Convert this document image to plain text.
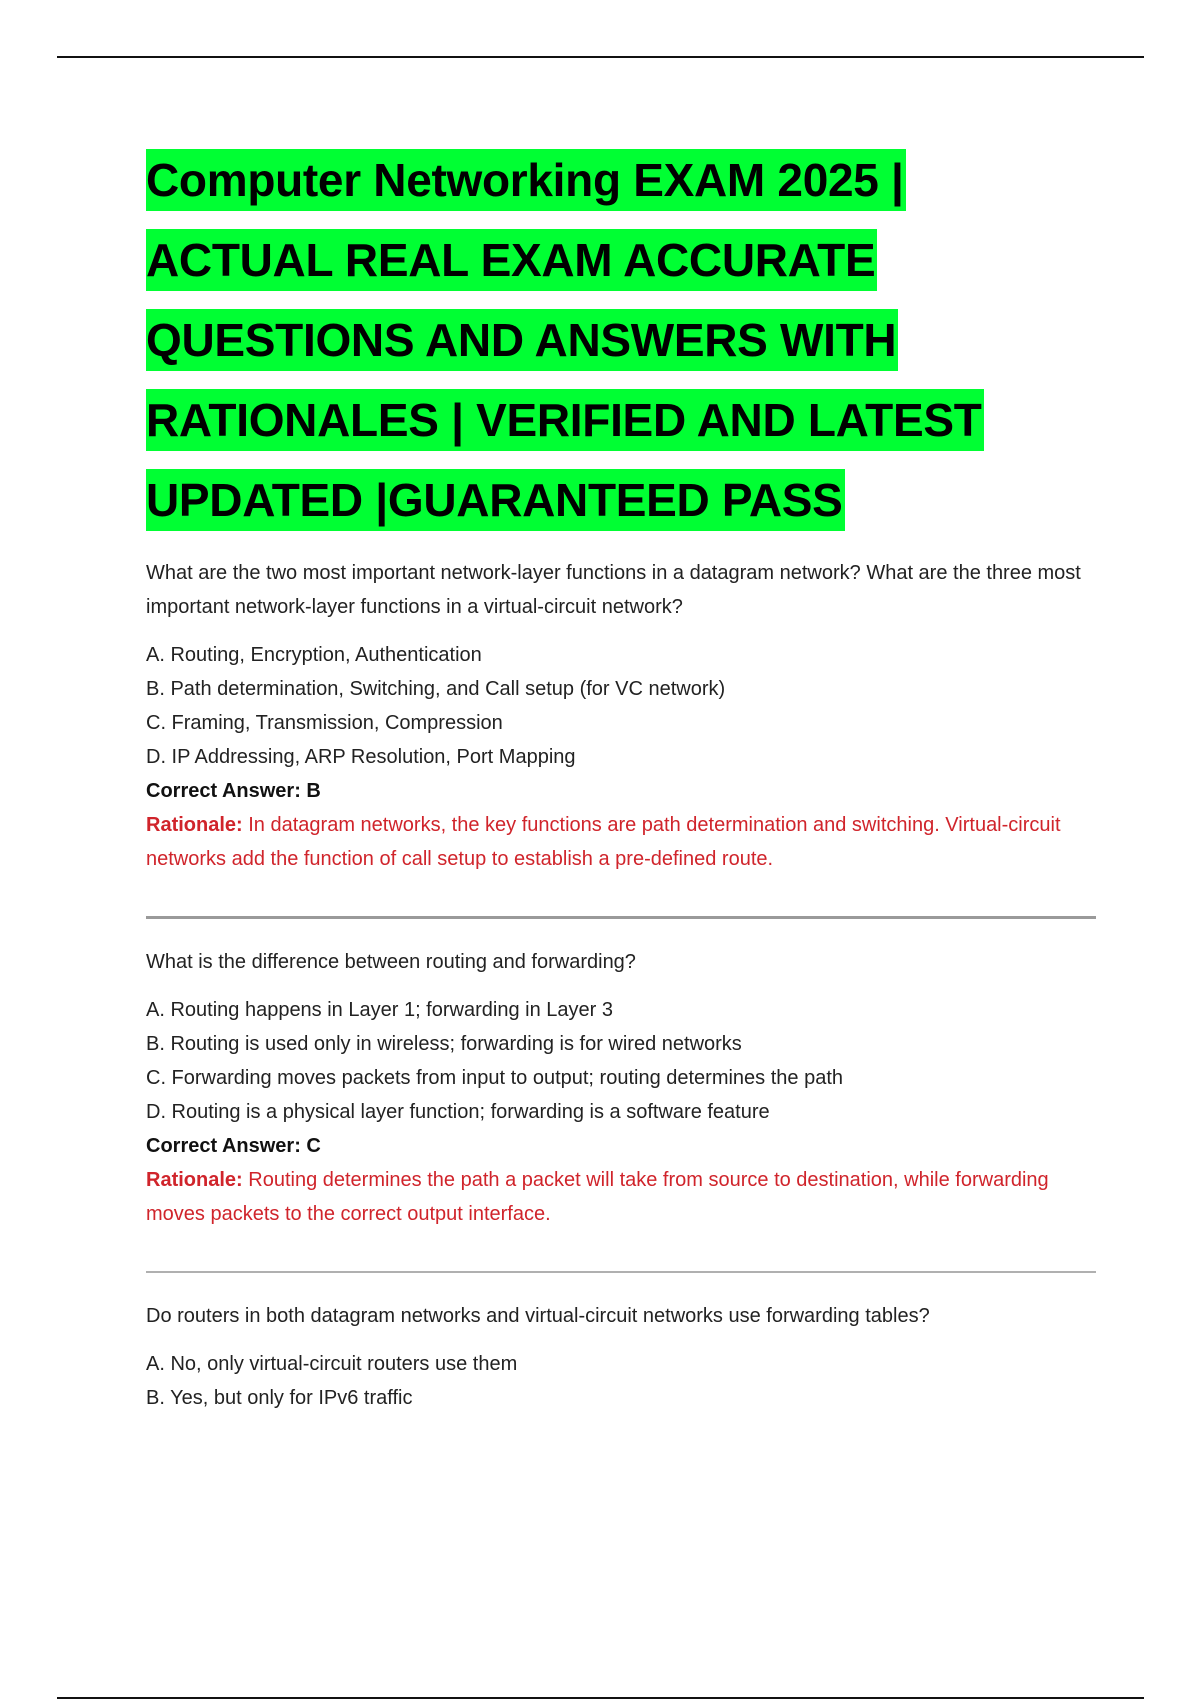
Computer Networking EXAM 2025 | ACTUAL REAL EXAM ACCURATE QUESTIONS AND ANSWERS WITH RATIONALES | VERIFIED AND LATEST UPDATED |GUARANTEED PASS

What are the two most important network-layer functions in a datagram network? What are the three most important network-layer functions in a virtual-circuit network?

A. Routing, Encryption, Authentication
B. Path determination, Switching, and Call setup (for VC network)
C. Framing, Transmission, Compression
D. IP Addressing, ARP Resolution, Port Mapping

Correct Answer: B

Rationale: In datagram networks, the key functions are path determination and switching. Virtual-circuit networks add the function of call setup to establish a pre-defined route.

What is the difference between routing and forwarding?

A. Routing happens in Layer 1; forwarding in Layer 3
B. Routing is used only in wireless; forwarding is for wired networks
C. Forwarding moves packets from input to output; routing determines the path
D. Routing is a physical layer function; forwarding is a software feature

Correct Answer: C

Rationale: Routing determines the path a packet will take from source to destination, while forwarding moves packets to the correct output interface.

Do routers in both datagram networks and virtual-circuit networks use forwarding tables?

A. No, only virtual-circuit routers use them
B. Yes, but only for IPv6 traffic
